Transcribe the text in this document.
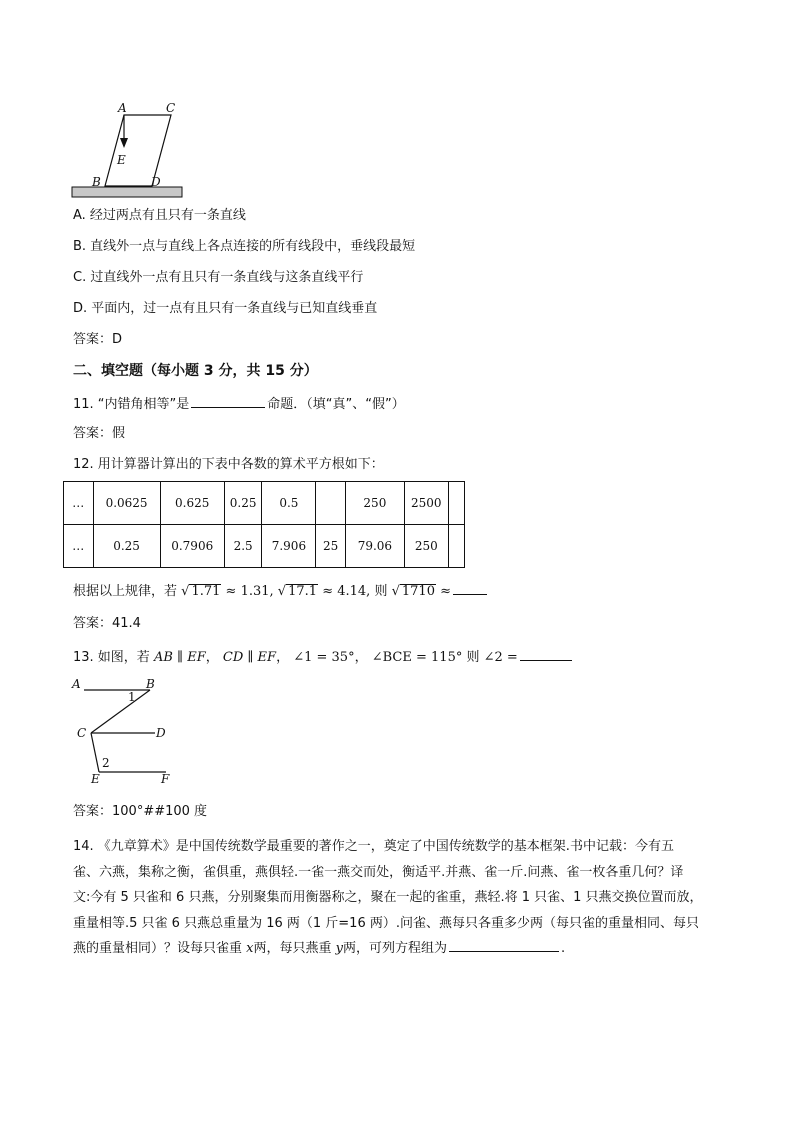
A	C
E
B	D
A. 经过两点有且只有一条直线
B. 直线外一点与直线上各点连接的所有线段中，垂线段最短
C. 过直线外一点有且只有一条直线与这条直线平行
D. 平面内，过一点有且只有一条直线与已知直线垂直
答案：D
二、填空题（每小题 3 分，共 15 分）
11. “内错角相等”是	命题．（填“真”、“假”）
答案：假
12. 用计算器计算出的下表中各数的算术平方根如下：
…	0.0625	0.625	0.25	0.5		250	2500	
…	0.25	0.7906	2.5	7.906	25	79.06	250	
根据以上规律，若 √ 1.71 ≈ 1.31, √ 17.1 ≈ 4.14, 则 √ 1710 ≈
答案：41.4
13. 如图，若 AB ∥ EF， CD ∥ EF， ∠1 = 35°， ∠BCE = 115° 则 ∠2 =
A	B
1
C	D
2
E	F
答案：100°##100 度
14. 《九章算术》是中国传统数学最重要的著作之一，奠定了中国传统数学的基本框架.书中记载：今有五
雀、六燕，集称之衡，雀俱重，燕俱轻.一雀一燕交而处，衡适平.并燕、雀一斤.问燕、雀一枚各重几何？译
文:今有 5 只雀和 6 只燕，分别聚集而用衡器称之，聚在一起的雀重，燕轻.将 1 只雀、1 只燕交换位置而放，
重量相等.5 只雀 6 只燕总重量为 16 两（1 斤=16 两）.问雀、燕每只各重多少两（每只雀的重量相同、每只
燕的重量相同）？设每只雀重 x两，每只燕重 y两，可列方程组为	.
